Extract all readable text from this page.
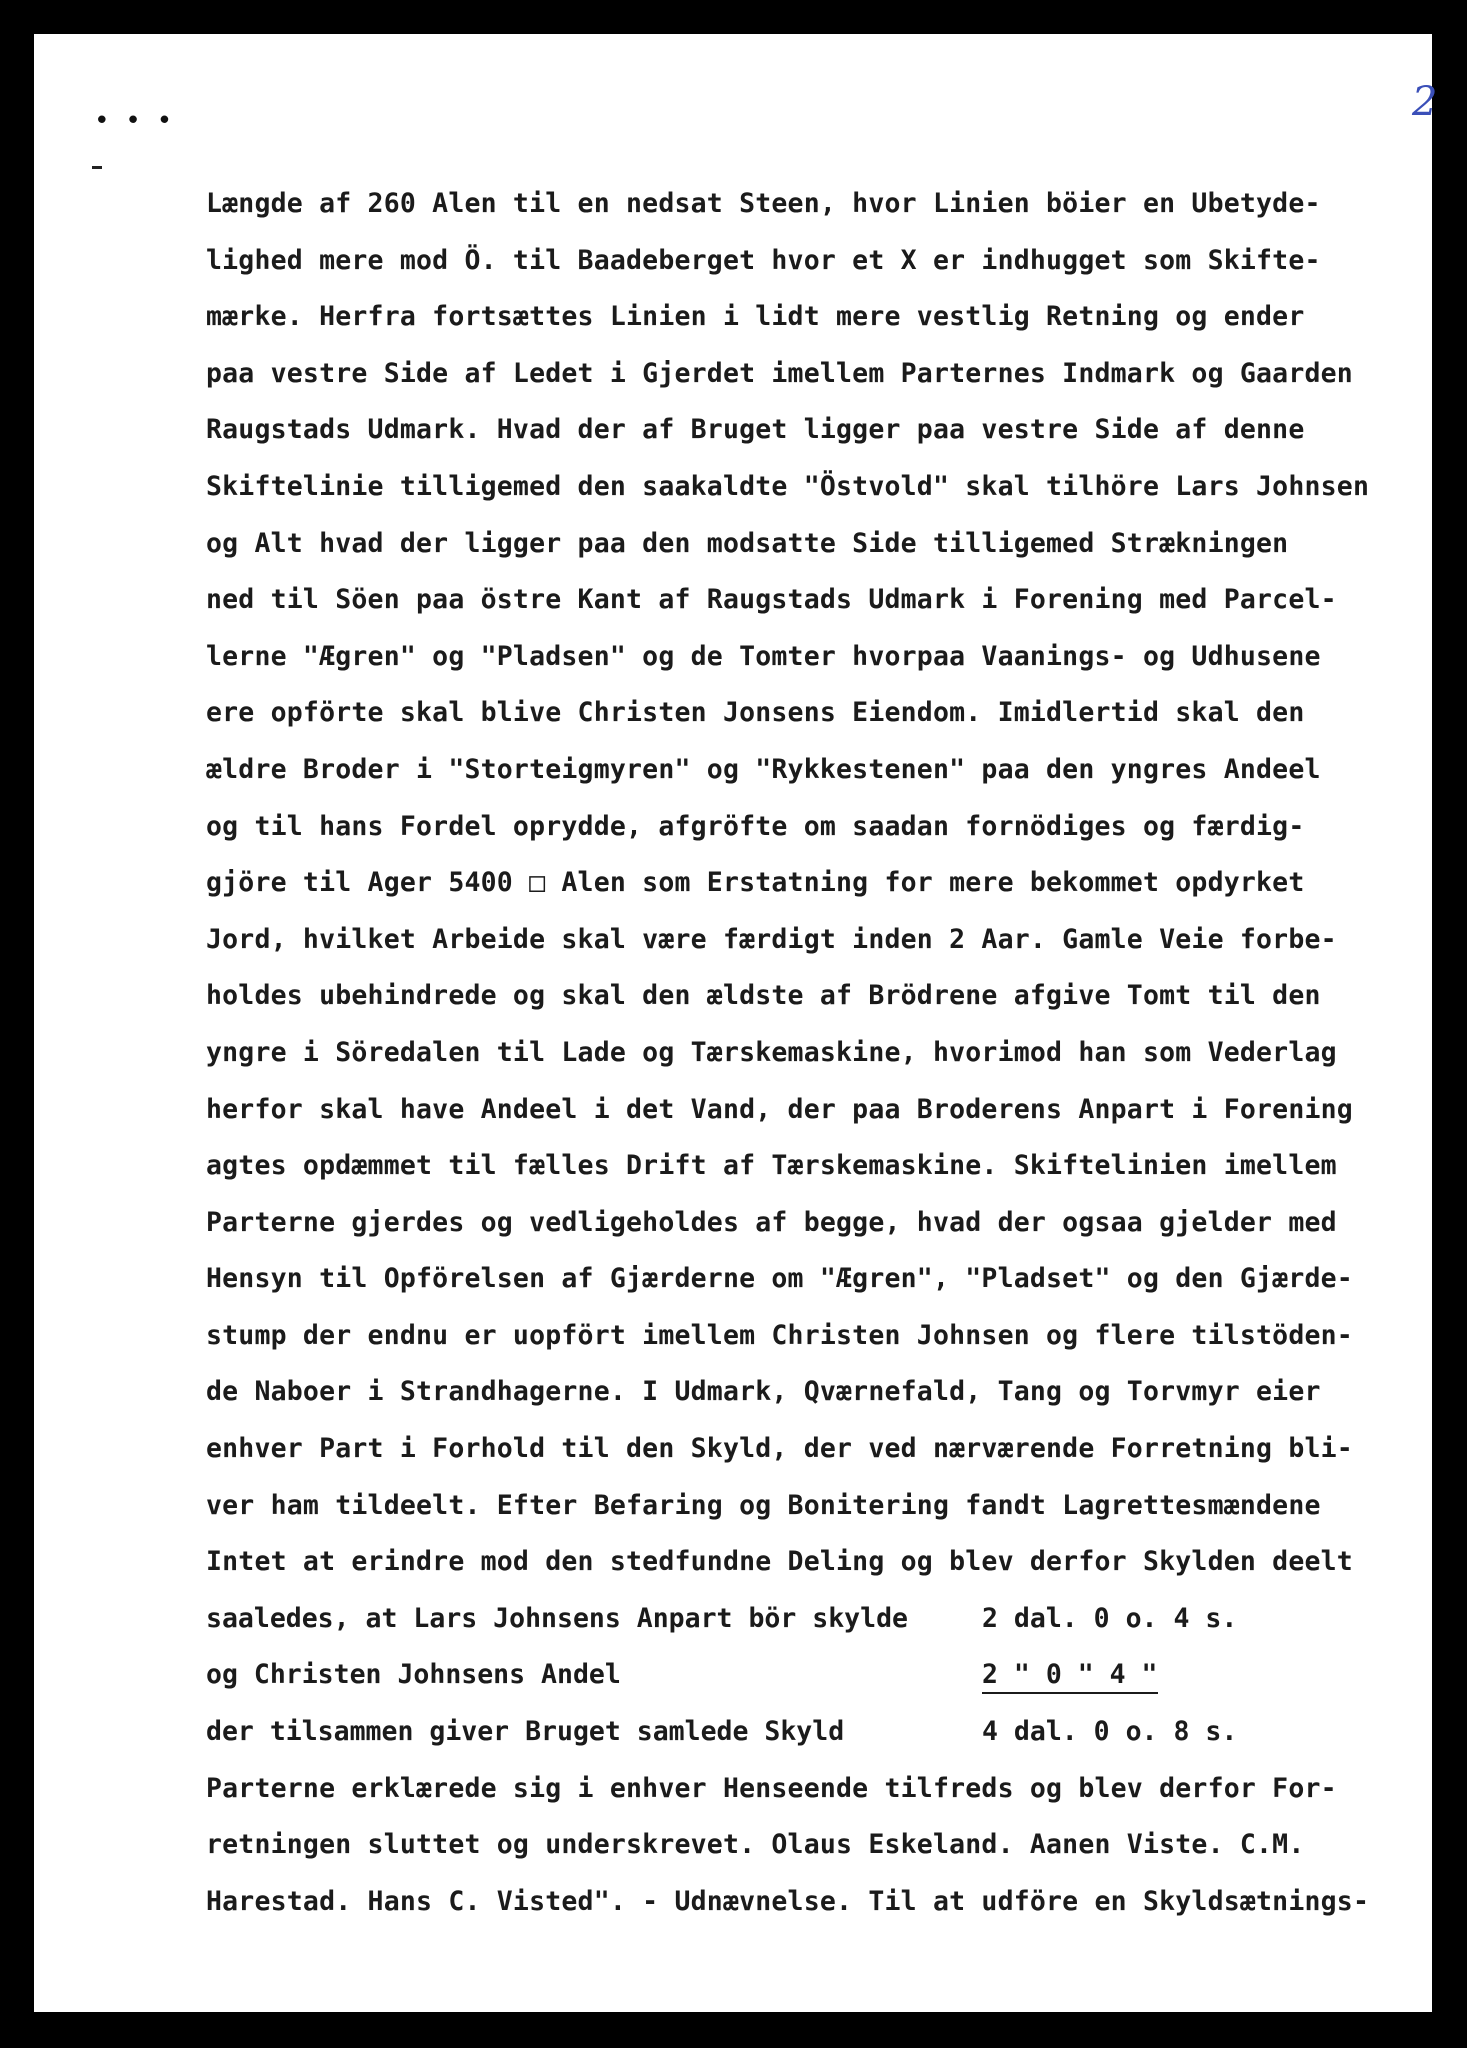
2
• • •
Længde af 260 Alen til en nedsat Steen, hvor Linien böier en Ubetyde-
lighed mere mod Ö. til Baadeberget hvor et X er indhugget som Skifte-
mærke. Herfra fortsættes Linien i lidt mere vestlig Retning og ender
paa vestre Side af Ledet i Gjerdet imellem Parternes Indmark og Gaarden
Raugstads Udmark. Hvad der af Bruget ligger paa vestre Side af denne
Skiftelinie tilligemed den saakaldte "Östvold" skal tilhöre Lars Johnsen
og Alt hvad der ligger paa den modsatte Side tilligemed Strækningen
ned til Söen paa östre Kant af Raugstads Udmark i Forening med Parcel-
lerne "Ægren" og "Pladsen" og de Tomter hvorpaa Vaanings- og Udhusene
ere opförte skal blive Christen Jonsens Eiendom. Imidlertid skal den
ældre Broder i "Storteigmyren" og "Rykkestenen" paa den yngres Andeel
og til hans Fordel oprydde, afgröfte om saadan fornödiges og færdig-
gjöre til Ager 5400 □ Alen som Erstatning for mere bekommet opdyrket
Jord, hvilket Arbeide skal være færdigt inden 2 Aar. Gamle Veie forbe-
holdes ubehindrede og skal den ældste af Brödrene afgive Tomt til den
yngre i Söredalen til Lade og Tærskemaskine, hvorimod han som Vederlag
herfor skal have Andeel i det Vand, der paa Broderens Anpart i Forening
agtes opdæmmet til fælles Drift af Tærskemaskine. Skiftelinien imellem
Parterne gjerdes og vedligeholdes af begge, hvad der ogsaa gjelder med
Hensyn til Opförelsen af Gjærderne om "Ægren", "Pladset" og den Gjærde-
stump der endnu er uopfört imellem Christen Johnsen og flere tilstöden-
de Naboer i Strandhagerne. I Udmark, Qværnefald, Tang og Torvmyr eier
enhver Part i Forhold til den Skyld, der ved nærværende Forretning bli-
ver ham tildeelt. Efter Befaring og Bonitering fandt Lagrettesmændene
Intet at erindre mod den stedfundne Deling og blev derfor Skylden deelt

saaledes, at Lars Johnsens Anpart bör skylde

	2 dal. 0 o. 4 s.

og Christen Johnsens Andel

	2 " 0 " 4 "

der tilsammen giver Bruget samlede Skyld

	4 dal. 0 o. 8 s.

Parterne erklærede sig i enhver Henseende tilfreds og blev derfor For-
retningen sluttet og underskrevet. Olaus Eskeland. Aanen Viste. C.M.
Harestad. Hans C. Visted". - Udnævnelse. Til at udföre en Skyldsætnings-
